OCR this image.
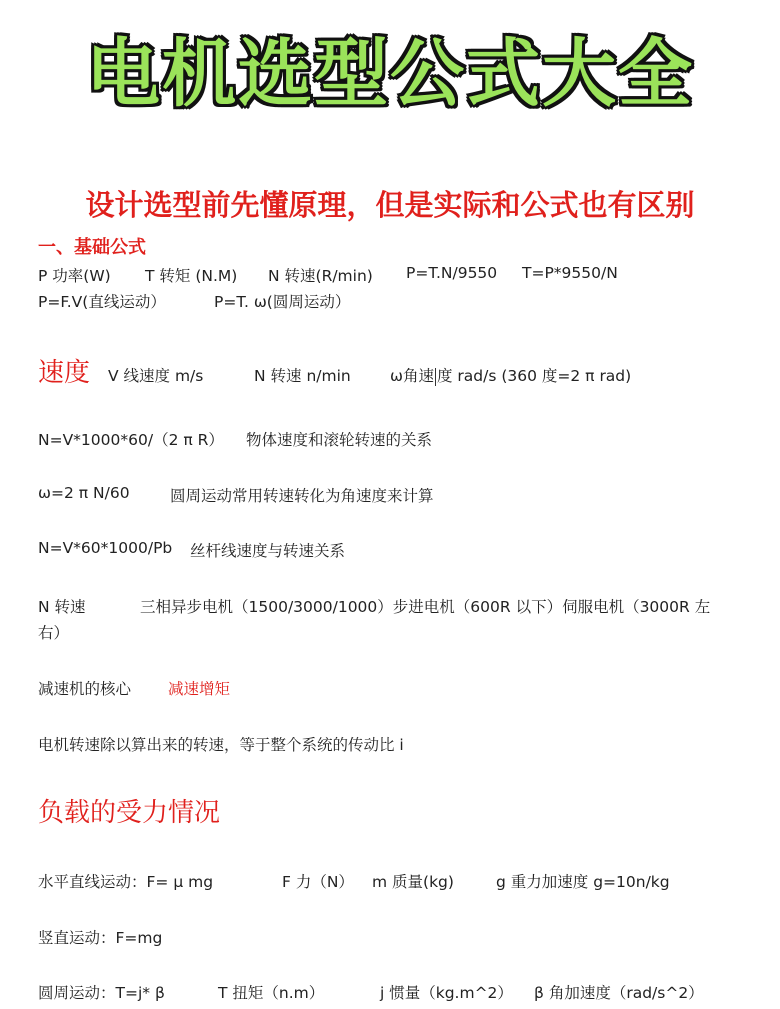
电机选型公式大全
设计选型前先懂原理，但是实际和公式也有区别
一、基础公式
P 功率(W) T 转矩 (N.M) N 转速(R/min) P=T.N/9550 T=P*9550/N
P=F.V(直线运动）	P=T. ω(圆周运动）
速度 V 线速度 m/s	N 转速 n/min	ω角速 度 rad/s (360 度=2 π rad)
N=V*1000*60/（2 π R） 物体速度和滚轮转速的关系
ω=2 π N/60	圆周运动常用转速转化为角速度来计算
N=V*60*1000/Pb 丝杆线速度与转速关系
N 转速	三相异步电机（1500/3000/1000）步进电机（600R 以下）伺服电机（3000R 左
右）
减速机的核心 减速增矩
电机转速除以算出来的转速，等于整个系统的传动比 i
负载的受力情况
水平直线运动：F= μ mg	F 力（N） m 质量(kg)	g 重力加速度 g=10n/kg
竖直运动：F=mg
圆周运动：T=j* β	T 扭矩（n.m）	j 惯量（kg.m^2） β 角加速度（rad/s^2）
